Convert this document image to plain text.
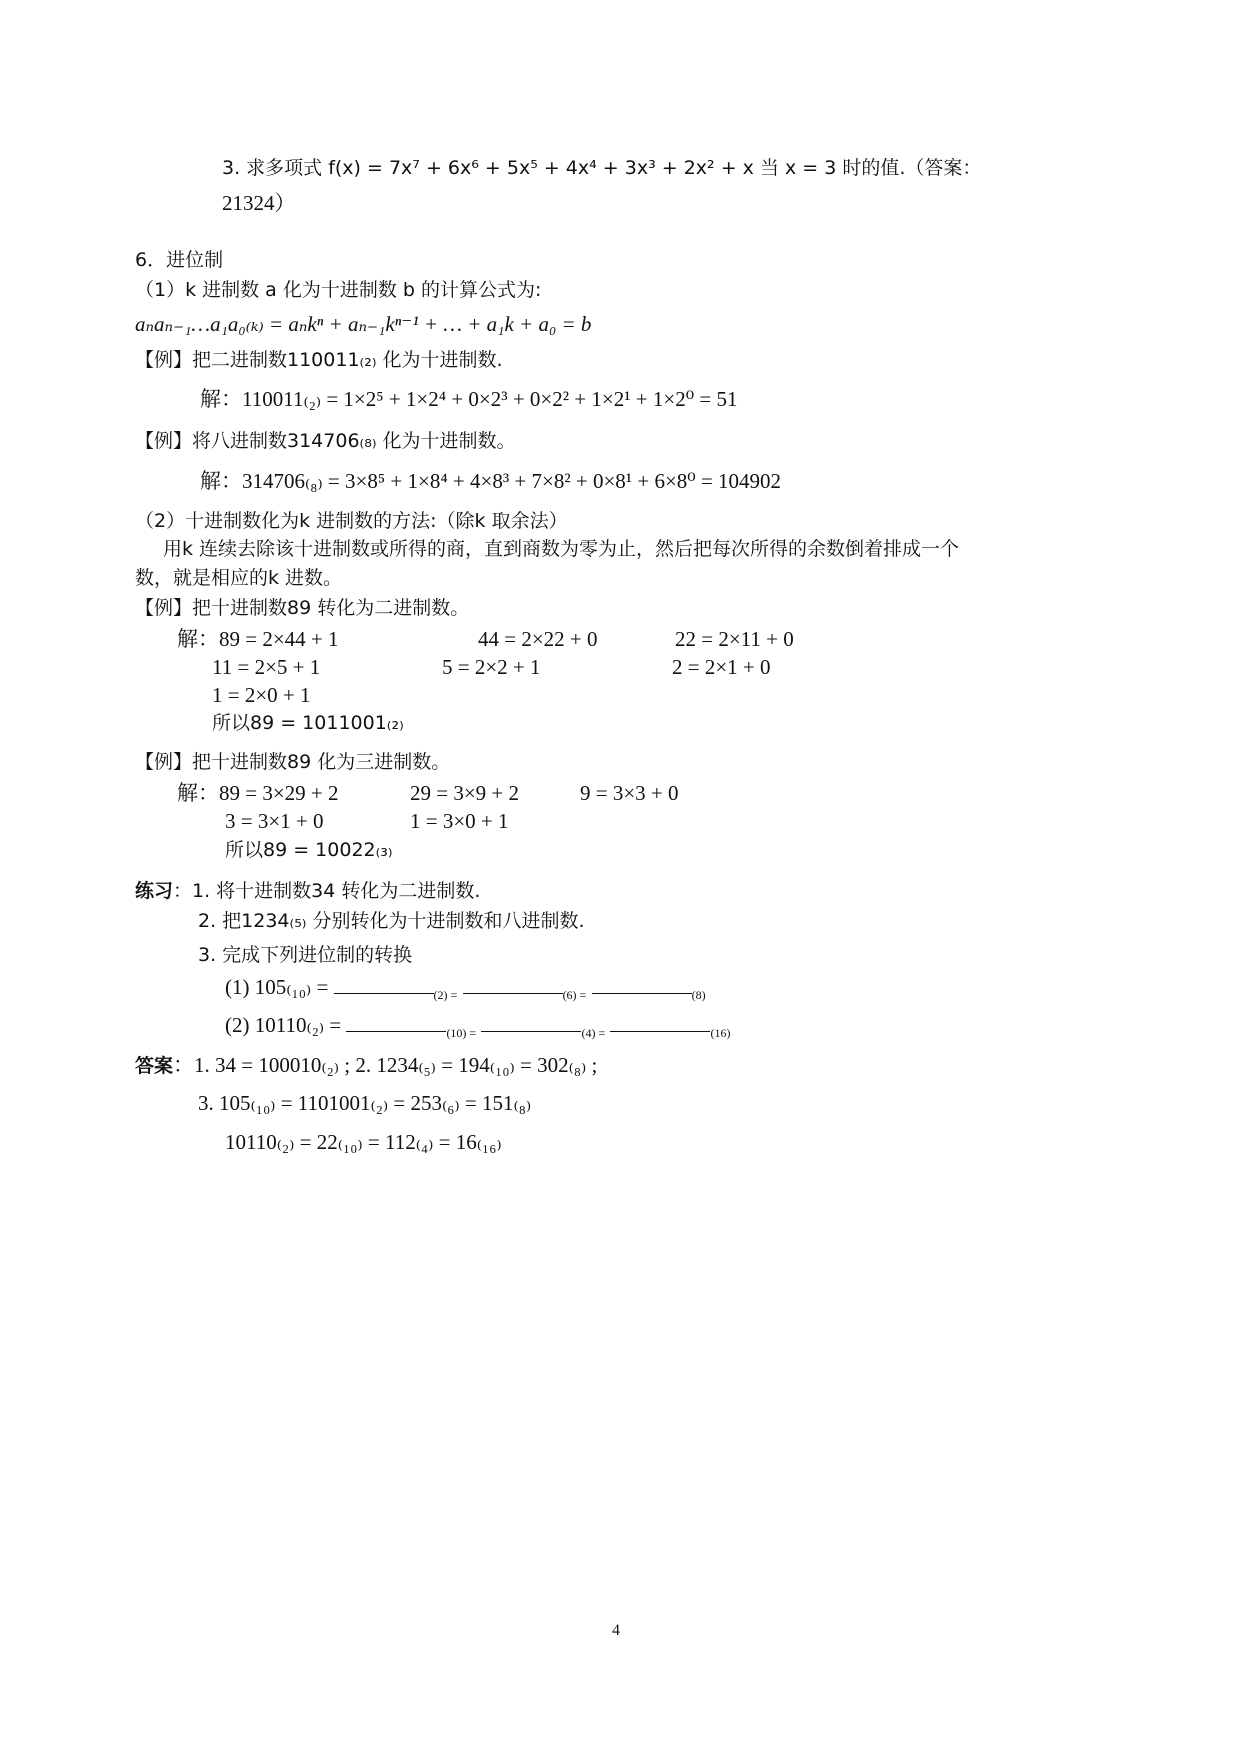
3. 求多项式 f(x) = 7x⁷ + 6x⁶ + 5x⁵ + 4x⁴ + 3x³ + 2x² + x 当 x = 3 时的值.（答案：
21324）
6．进位制
（1）k 进制数 a 化为十进制数 b 的计算公式为:
aₙaₙ₋₁…a₁a₀₍ₖ₎ = aₙkⁿ + aₙ₋₁kⁿ⁻¹ + … + a₁k + a₀ = b
【例】把二进制数110011₍₂₎ 化为十进制数.
解：110011₍₂₎ = 1×2⁵ + 1×2⁴ + 0×2³ + 0×2² + 1×2¹ + 1×2⁰ = 51
【例】将八进制数314706₍₈₎ 化为十进制数。
解：314706₍₈₎ = 3×8⁵ + 1×8⁴ + 4×8³ + 7×8² + 0×8¹ + 6×8⁰ = 104902
（2）十进制数化为k 进制数的方法:（除k 取余法）
用k 连续去除该十进制数或所得的商，直到商数为零为止，然后把每次所得的余数倒着排成一个
数，就是相应的k 进数。
【例】把十进制数89 转化为二进制数。
解：89 = 2×44 + 1	44 = 2×22 + 0	22 = 2×11 + 0
11 = 2×5 + 1	5 = 2×2 + 1	2 = 2×1 + 0
1 = 2×0 + 1
所以89 = 1011001₍₂₎
【例】把十进制数89 化为三进制数。
解：89 = 3×29 + 2	29 = 3×9 + 2	9 = 3×3 + 0
3 = 3×1 + 0	1 = 3×0 + 1
所以89 = 10022₍₃₎
练习：1. 将十进制数34 转化为二进制数.
2. 把1234₍₅₎ 分别转化为十进制数和八进制数.
3. 完成下列进位制的转换
(1) 105₍₁₀₎ =	$_{(2) =}$	$_{(6) =}$	$_{(8)}$
(2) 10110₍₂₎ =	$_{(10) =}$	$_{(4) =}$	$_{(16)}$
答案：1. 34 = 100010₍₂₎ ; 2. 1234₍₅₎ = 194₍₁₀₎ = 302₍₈₎ ;
3. 105₍₁₀₎ = 1101001₍₂₎ = 253₍₆₎ = 151₍₈₎
10110₍₂₎ = 22₍₁₀₎ = 112₍₄₎ = 16₍₁₆₎
4
